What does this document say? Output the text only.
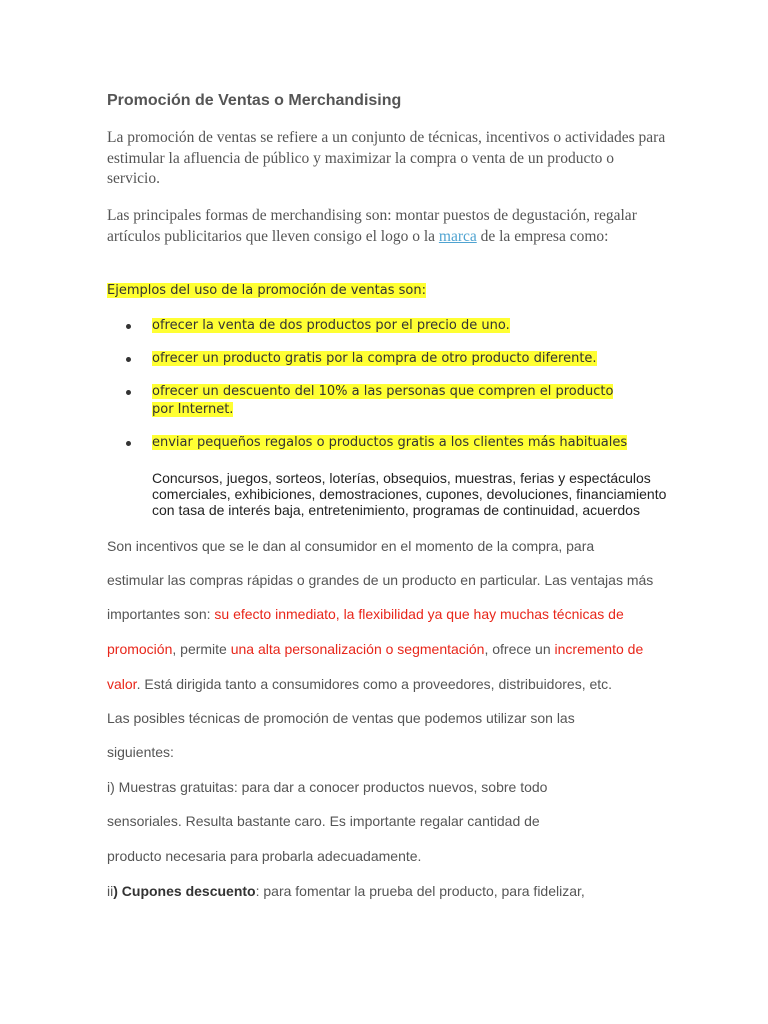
Promoción de Ventas o Merchandising

La promoción de ventas se refiere a un conjunto de técnicas, incentivos o actividades para estimular la afluencia de público y maximizar la compra o venta de un producto o servicio.

Las principales formas de merchandising son: montar puestos de degustación, regalar artículos publicitarios que lleven consigo el logo o la marca de la empresa como:

Ejemplos del uso de la promoción de ventas son:

ofrecer la venta de dos productos por el precio de uno.
ofrecer un producto gratis por la compra de otro producto diferente.
ofrecer un descuento del 10% a las personas que compren el producto por Internet.
enviar pequeños regalos o productos gratis a los clientes más habituales

Concursos, juegos, sorteos, loterías, obsequios, muestras, ferias y espectáculos comerciales, exhibiciones, demostraciones, cupones, devoluciones, financiamiento con tasa de interés baja, entretenimiento, programas de continuidad, acuerdos

Son incentivos que se le dan al consumidor en el momento de la compra, para

estimular las compras rápidas o grandes de un producto en particular. Las ventajas más

importantes son: su efecto inmediato, la flexibilidad ya que hay muchas técnicas de

promoción, permite una alta personalización o segmentación, ofrece un incremento de

valor. Está dirigida tanto a consumidores como a proveedores, distribuidores, etc.

Las posibles técnicas de promoción de ventas que podemos utilizar son las

siguientes:

i) Muestras gratuitas: para dar a conocer productos nuevos, sobre todo

sensoriales. Resulta bastante caro. Es importante regalar cantidad de

producto necesaria para probarla adecuadamente.

ii) Cupones descuento: para fomentar la prueba del producto, para fidelizar,
